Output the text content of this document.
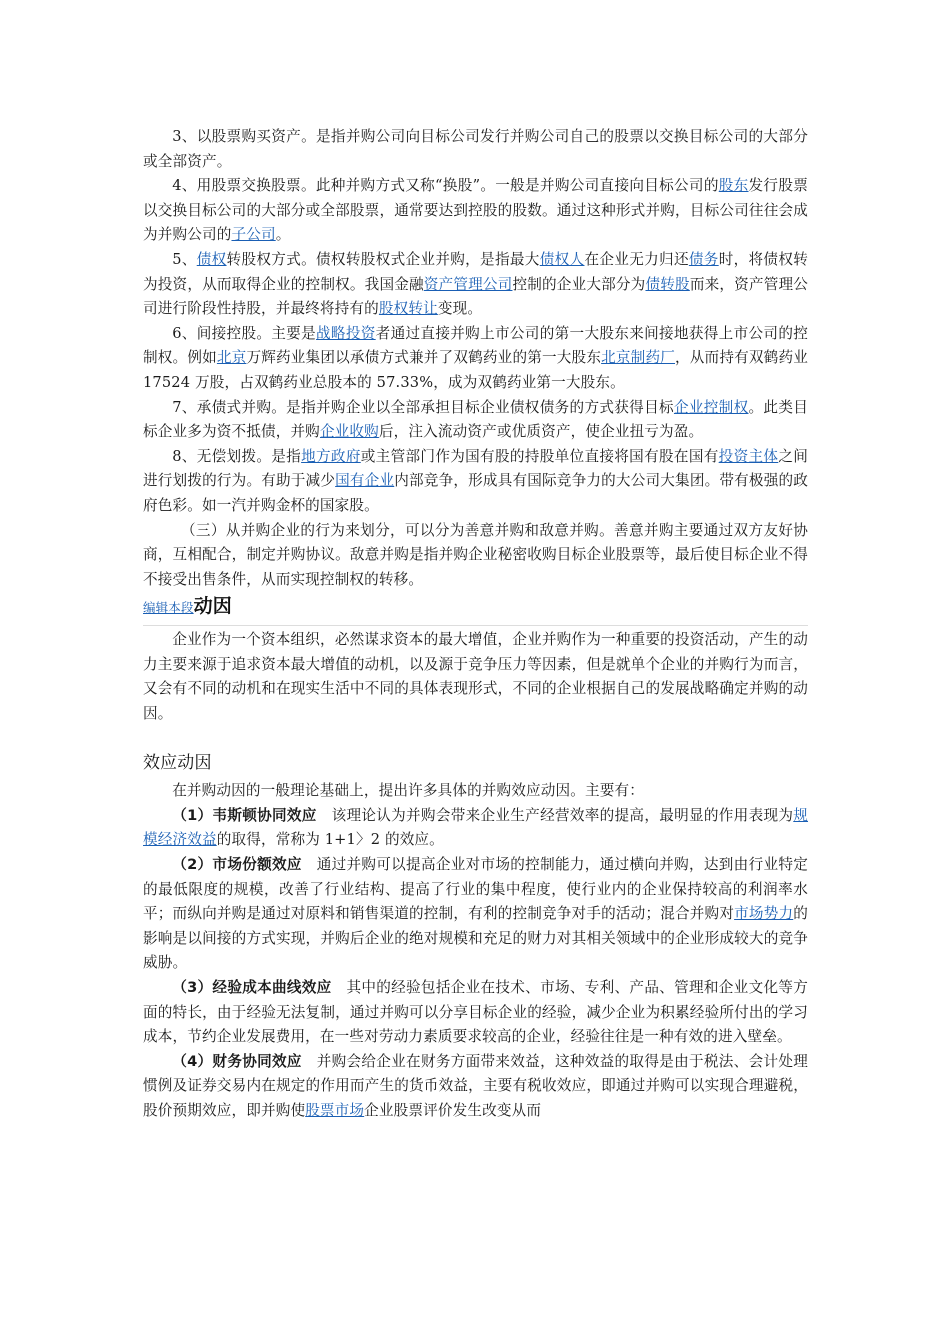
3、以股票购买资产。是指并购公司向目标公司发行并购公司自己的股票以交换目标公司的大部分或全部资产。

4、用股票交换股票。此种并购方式又称“换股”。一般是并购公司直接向目标公司的股东发行股票以交换目标公司的大部分或全部股票，通常要达到控股的股数。通过这种形式并购，目标公司往往会成为并购公司的子公司。

5、债权转股权方式。债权转股权式企业并购，是指最大债权人在企业无力归还债务时，将债权转为投资，从而取得企业的控制权。我国金融资产管理公司控制的企业大部分为债转股而来，资产管理公司进行阶段性持股，并最终将持有的股权转让变现。

6、间接控股。主要是战略投资者通过直接并购上市公司的第一大股东来间接地获得上市公司的控制权。例如北京万辉药业集团以承债方式兼并了双鹤药业的第一大股东北京制药厂，从而持有双鹤药业 17524 万股，占双鹤药业总股本的 57.33%，成为双鹤药业第一大股东。

7、承债式并购。是指并购企业以全部承担目标企业债权债务的方式获得目标企业控制权。此类目标企业多为资不抵债，并购企业收购后，注入流动资产或优质资产，使企业扭亏为盈。

8、无偿划拨。是指地方政府或主管部门作为国有股的持股单位直接将国有股在国有投资主体之间进行划拨的行为。有助于减少国有企业内部竞争，形成具有国际竞争力的大公司大集团。带有极强的政府色彩。如一汽并购金杯的国家股。

（三）从并购企业的行为来划分，可以分为善意并购和敌意并购。善意并购主要通过双方友好协商，互相配合，制定并购协议。敌意并购是指并购企业秘密收购目标企业股票等，最后使目标企业不得不接受出售条件，从而实现控制权的转移。

编辑本段动因

企业作为一个资本组织，必然谋求资本的最大增值，企业并购作为一种重要的投资活动，产生的动力主要来源于追求资本最大增值的动机，以及源于竞争压力等因素，但是就单个企业的并购行为而言，又会有不同的动机和在现实生活中不同的具体表现形式，不同的企业根据自己的发展战略确定并购的动因。

效应动因

在并购动因的一般理论基础上，提出许多具体的并购效应动因。主要有：

（1）韦斯顿协同效应　该理论认为并购会带来企业生产经营效率的提高，最明显的作用表现为规模经济效益的取得，常称为 1+1〉2 的效应。

（2）市场份额效应　通过并购可以提高企业对市场的控制能力，通过横向并购，达到由行业特定的最低限度的规模，改善了行业结构、提高了行业的集中程度，使行业内的企业保持较高的利润率水平；而纵向并购是通过对原料和销售渠道的控制，有利的控制竞争对手的活动；混合并购对市场势力的影响是以间接的方式实现，并购后企业的绝对规模和充足的财力对其相关领域中的企业形成较大的竞争威胁。

（3）经验成本曲线效应　其中的经验包括企业在技术、市场、专利、产品、管理和企业文化等方面的特长，由于经验无法复制，通过并购可以分享目标企业的经验，减少企业为积累经验所付出的学习成本，节约企业发展费用，在一些对劳动力素质要求较高的企业，经验往往是一种有效的进入壁垒。

（4）财务协同效应　并购会给企业在财务方面带来效益，这种效益的取得是由于税法、会计处理惯例及证券交易内在规定的作用而产生的货币效益，主要有税收效应，即通过并购可以实现合理避税，股价预期效应，即并购使股票市场企业股票评价发生改变从而
